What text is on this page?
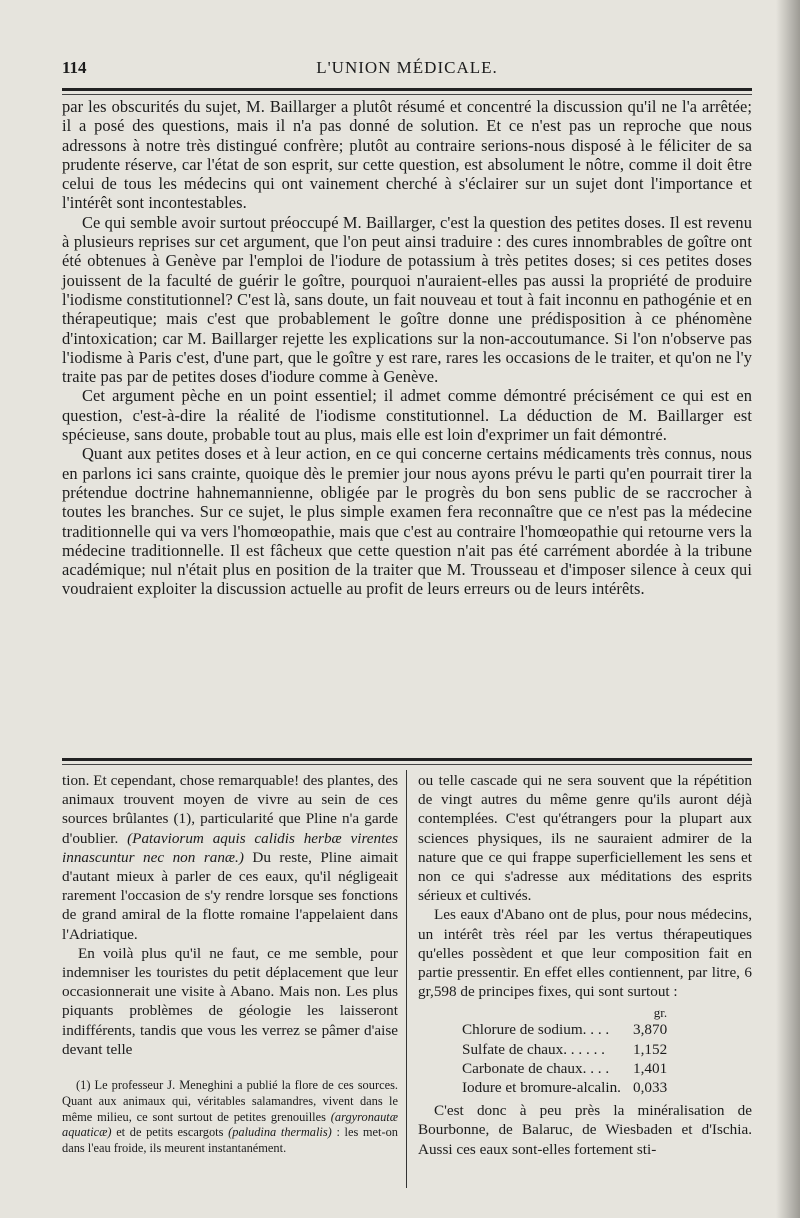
114	L'UNION MÉDICALE.

par les obscurités du sujet, M. Baillarger a plutôt résumé et concentré la discussion qu'il ne l'a arrêtée; il a posé des questions, mais il n'a pas donné de solution. Et ce n'est pas un reproche que nous adressons à notre très distingué confrère; plutôt au contraire serions-nous disposé à le féliciter de sa prudente réserve, car l'état de son esprit, sur cette question, est absolument le nôtre, comme il doit être celui de tous les médecins qui ont vainement cherché à s'éclairer sur un sujet dont l'importance et l'intérêt sont incontestables.

Ce qui semble avoir surtout préoccupé M. Baillarger, c'est la question des petites doses. Il est revenu à plusieurs reprises sur cet argument, que l'on peut ainsi traduire : des cures innombrables de goître ont été obtenues à Genève par l'emploi de l'iodure de potassium à très petites doses; si ces petites doses jouissent de la faculté de guérir le goître, pourquoi n'auraient-elles pas aussi la propriété de produire l'iodisme constitutionnel? C'est là, sans doute, un fait nouveau et tout à fait inconnu en pathogénie et en thérapeutique; mais c'est que probablement le goître donne une prédisposition à ce phénomène d'intoxication; car M. Baillarger rejette les explications sur la non-accoutumance. Si l'on n'observe pas l'iodisme à Paris c'est, d'une part, que le goître y est rare, rares les occasions de le traiter, et qu'on ne l'y traite pas par de petites doses d'iodure comme à Genève.

Cet argument pèche en un point essentiel; il admet comme démontré précisément ce qui est en question, c'est-à-dire la réalité de l'iodisme constitutionnel. La déduction de M. Baillarger est spécieuse, sans doute, probable tout au plus, mais elle est loin d'exprimer un fait démontré.

Quant aux petites doses et à leur action, en ce qui concerne certains médicaments très connus, nous en parlons ici sans crainte, quoique dès le premier jour nous ayons prévu le parti qu'en pourrait tirer la prétendue doctrine hahnemannienne, obligée par le progrès du bon sens public de se raccrocher à toutes les branches. Sur ce sujet, le plus simple examen fera reconnaître que ce n'est pas la médecine traditionnelle qui va vers l'homœopathie, mais que c'est au contraire l'homœopathie qui retourne vers la médecine traditionnelle. Il est fâcheux que cette question n'ait pas été carrément abordée à la tribune académique; nul n'était plus en position de la traiter que M. Trousseau et d'imposer silence à ceux qui voudraient exploiter la discussion actuelle au profit de leurs erreurs ou de leurs intérêts.

tion. Et cependant, chose remarquable! des plantes, des animaux trouvent moyen de vivre au sein de ces sources brûlantes (1), particularité que Pline n'a garde d'oublier. (Pataviorum aquis calidis herbæ virentes innascuntur nec non ranæ.) Du reste, Pline aimait d'autant mieux à parler de ces eaux, qu'il négligeait rarement l'occasion de s'y rendre lorsque ses fonctions de grand amiral de la flotte romaine l'appelaient dans l'Adriatique.

En voilà plus qu'il ne faut, ce me semble, pour indemniser les touristes du petit déplacement que leur occasionnerait une visite à Abano. Mais non. Les plus piquants problèmes de géologie les laisseront indifférents, tandis que vous les verrez se pâmer d'aise devant telle

(1) Le professeur J. Meneghini a publié la flore de ces sources. Quant aux animaux qui, véritables salamandres, vivent dans le même milieu, ce sont surtout de petites grenouilles (argyronautæ aquaticæ) et de petits escargots (paludina thermalis) : les met-on dans l'eau froide, ils meurent instantanément.

ou telle cascade qui ne sera souvent que la répétition de vingt autres du même genre qu'ils auront déjà contemplées. C'est qu'étrangers pour la plupart aux sciences physiques, ils ne sauraient admirer de la nature que ce qui frappe superficiellement les sens et non ce qui s'adresse aux méditations des esprits sérieux et cultivés.

Les eaux d'Abano ont de plus, pour nous médecins, un intérêt très réel par les vertus thérapeutiques qu'elles possèdent et que leur composition fait en partie pressentir. En effet elles contiennent, par litre, 6 gr,598 de principes fixes, qui sont surtout :

	gr.
Chlorure de sodium. . . .	3,870
Sulfate de chaux. . . . . .	1,152
Carbonate de chaux. . . .	1,401
Iodure et bromure-alcalin.	0,033

C'est donc à peu près la minéralisation de Bourbonne, de Balaruc, de Wiesbaden et d'Ischia. Aussi ces eaux sont-elles fortement sti-
